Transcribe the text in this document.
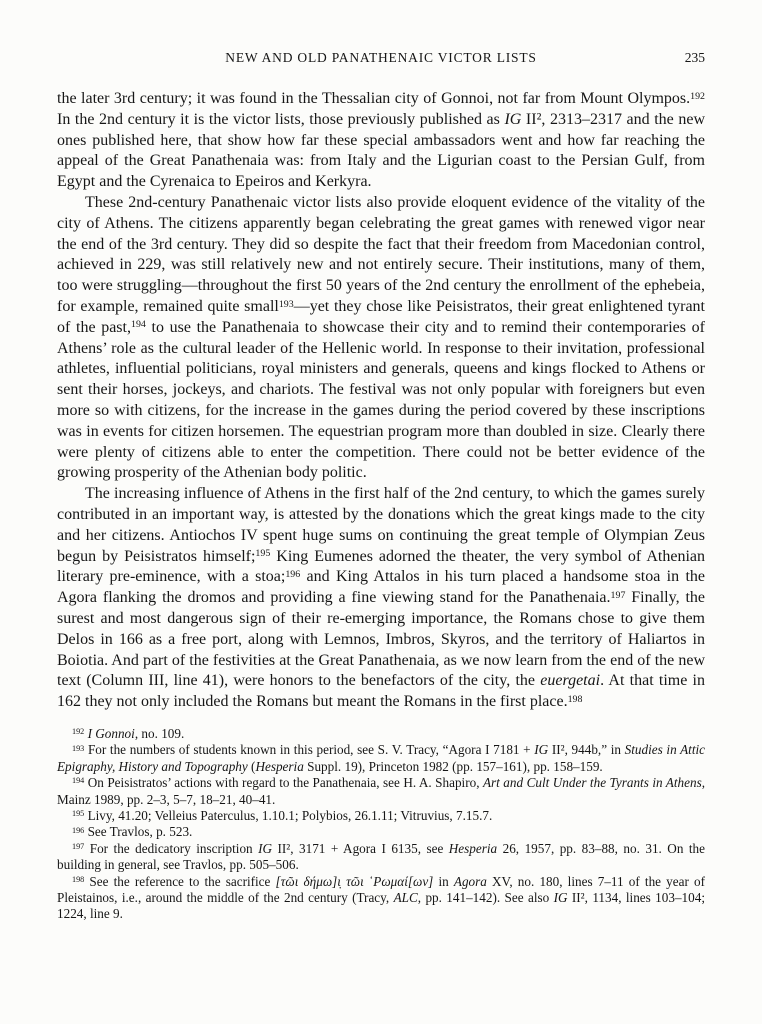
NEW AND OLD PANATHENAIC VICTOR LISTS	235

the later 3rd century; it was found in the Thessalian city of Gonnoi, not far from Mount Olympos.$^{192}$ In the 2nd century it is the victor lists, those previously published as IG II², 2313–2317 and the new ones published here, that show how far these special ambassadors went and how far reaching the appeal of the Great Panathenaia was: from Italy and the Ligurian coast to the Persian Gulf, from Egypt and the Cyrenaica to Epeiros and Kerkyra.

These 2nd-century Panathenaic victor lists also provide eloquent evidence of the vitality of the city of Athens. The citizens apparently began celebrating the great games with renewed vigor near the end of the 3rd century. They did so despite the fact that their freedom from Macedonian control, achieved in 229, was still relatively new and not entirely secure. Their institutions, many of them, too were struggling—throughout the first 50 years of the 2nd century the enrollment of the ephebeia, for example, remained quite small$^{193}$—yet they chose like Peisistratos, their great enlightened tyrant of the past,$^{194}$ to use the Panathenaia to showcase their city and to remind their contemporaries of Athens’ role as the cultural leader of the Hellenic world. In response to their invitation, professional athletes, influential politicians, royal ministers and generals, queens and kings flocked to Athens or sent their horses, jockeys, and chariots. The festival was not only popular with foreigners but even more so with citizens, for the increase in the games during the period covered by these inscriptions was in events for citizen horsemen. The equestrian program more than doubled in size. Clearly there were plenty of citizens able to enter the competition. There could not be better evidence of the growing prosperity of the Athenian body politic.

The increasing influence of Athens in the first half of the 2nd century, to which the games surely contributed in an important way, is attested by the donations which the great kings made to the city and her citizens. Antiochos IV spent huge sums on continuing the great temple of Olympian Zeus begun by Peisistratos himself;$^{195}$ King Eumenes adorned the theater, the very symbol of Athenian literary pre-eminence, with a stoa;$^{196}$ and King Attalos in his turn placed a handsome stoa in the Agora flanking the dromos and providing a fine viewing stand for the Panathenaia.$^{197}$ Finally, the surest and most dangerous sign of their re-emerging importance, the Romans chose to give them Delos in 166 as a free port, along with Lemnos, Imbros, Skyros, and the territory of Haliartos in Boiotia. And part of the festivities at the Great Panathenaia, as we now learn from the end of the new text (Column III, line 41), were honors to the benefactors of the city, the euergetai. At that time in 162 they not only included the Romans but meant the Romans in the first place.$^{198}$

$^{192}$ I Gonnoi, no. 109.

$^{193}$ For the numbers of students known in this period, see S. V. Tracy, “Agora I 7181 + IG II², 944b,” in Studies in Attic Epigraphy, History and Topography (Hesperia Suppl. 19), Princeton 1982 (pp. 157–161), pp. 158–159.

$^{194}$ On Peisistratos’ actions with regard to the Panathenaia, see H. A. Shapiro, Art and Cult Under the Tyrants in Athens, Mainz 1989, pp. 2–3, 5–7, 18–21, 40–41.

$^{195}$ Livy, 41.20; Velleius Paterculus, 1.10.1; Polybios, 26.1.11; Vitruvius, 7.15.7.

$^{196}$ See Travlos, p. 523.

$^{197}$ For the dedicatory inscription IG II², 3171 + Agora I 6135, see Hesperia 26, 1957, pp. 83–88, no. 31. On the building in general, see Travlos, pp. 505–506.

$^{198}$ See the reference to the sacrifice [τῶι δήμω]ι̣ τῶι ῾Ρωμαί[ων] in Agora XV, no. 180, lines 7–11 of the year of Pleistainos, i.e., around the middle of the 2nd century (Tracy, ALC, pp. 141–142). See also IG II², 1134, lines 103–104; 1224, line 9.
